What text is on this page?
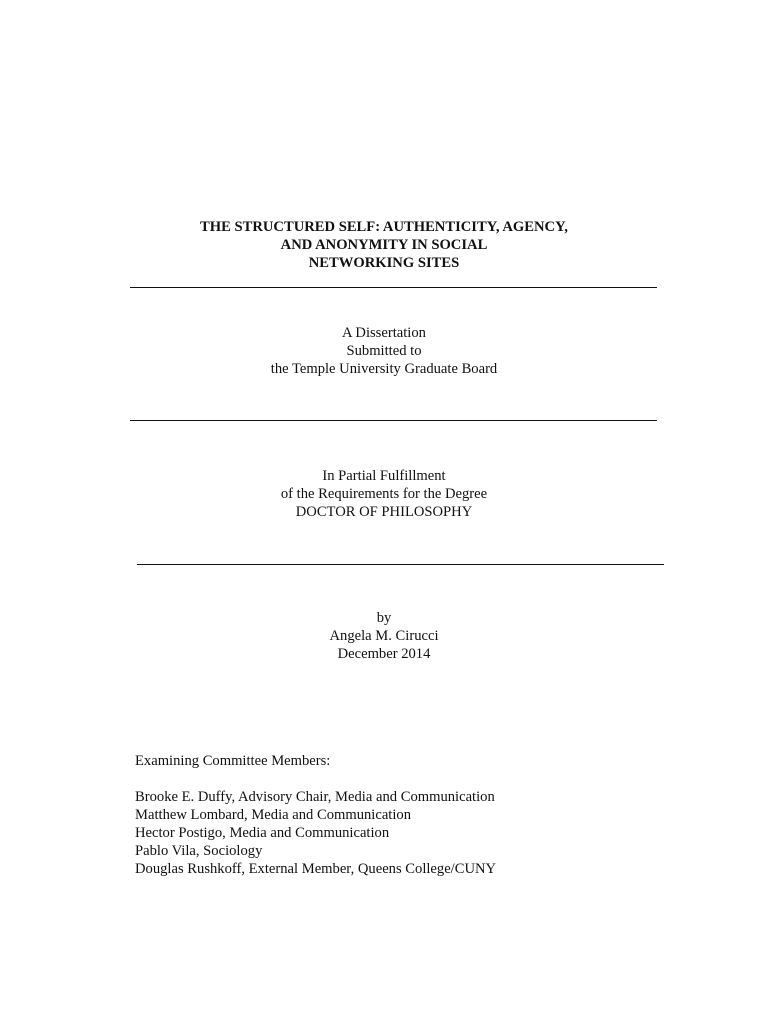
THE STRUCTURED SELF: AUTHENTICITY, AGENCY,
AND ANONYMITY IN SOCIAL
NETWORKING SITES
A Dissertation
Submitted to
the Temple University Graduate Board
In Partial Fulfillment
of the Requirements for the Degree
DOCTOR OF PHILOSOPHY
by
Angela M. Cirucci
December 2014
Examining Committee Members:
Brooke E. Duffy, Advisory Chair, Media and Communication
Matthew Lombard, Media and Communication
Hector Postigo, Media and Communication
Pablo Vila, Sociology
Douglas Rushkoff, External Member, Queens College/CUNY
